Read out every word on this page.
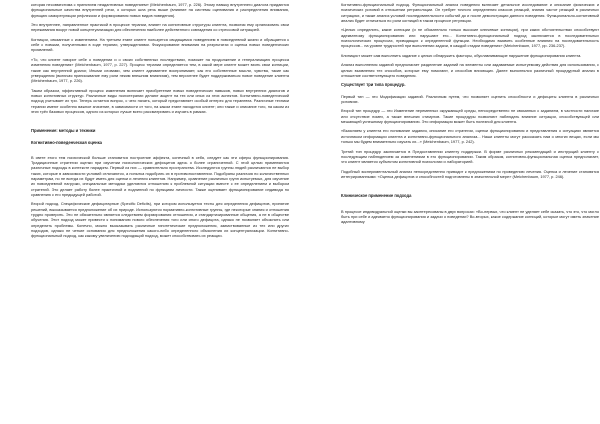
которая несовместима с принятием неадаптивных поведением» (Meichenbaum, 1977, p. 226). Этому навыку внутреннего диалога придаются функциональные качества внутренней речи, о которых шла речь выше (влияние на системы оценивания и распределения внимания, функцию саморегуляции рефлексии и формирования новых видов поведения).

Это внутреннее, направленное практикой в процессе терапии, влияет на когнитивные структуры клиента, позволяя ему организовать свои переживания вокруг новой концептуализации для обеспечения наиболее действенного совладения со стрессовой ситуацией.

Когниции, связанные с изменением. На третьем этапе клиент пользуется сводящимся поведением в повседневной жизни и обращается к себе с новыми, полученными в ходе терапии, утверждениями. Фокусирование внимания на результатах и оценка новых поведенческих проявлений.

«То, что клиент говорит себе о поведении и о своих собственных последствиях, поможет на продолжение и генерализацию процесса изменения поведения» (Meichenbaum, 1977, p. 227). Процесс терапии определяется тем, в какой мере клиент может взять свои когниции, такие как внутренний диалог, Иными словами, чем клиент адекватнее воспринимает, как его собственные мысли, чувства, такие как утверждения (включая приписывание ему роли неким внешним влияниям), тем вероятнее будет поддерживаться новое поведение клиента (Meichenbaum, 1977, p. 226).

Таким образом, эффективный процесс изменения включает приобретение новых поведенческих навыков, новых внутренних диалогов и новых когнитивных структур. Различные виды психотерапии делают акцент на тех или иных из этих аспектов. Когнитивно-поведенческий подход учитывает их три. Теперь остается вопрос, с чего начать, который представляет особый интерес для терапевта. Различные техники терапии имеют особенно важное значение, в зависимости от того, на каком этапе находится клиент; они также и описание того, на каком из этих трёх базовых процессов, одного из которых лучше всего рассматривать и изучать в рамках.

Применение: методы и техники

Когнитивно-поведенческая оценка

В свете этого тем психической больше становится построение аффекта, конечный в себя, следует как эти сферы функционирования. Традиционные стратегии оценки при изучении психологических дефицитов здесь о более ограниченной. С этой целью применяются различные подходы в контексте парадигм. Первый из них — сравнительно пространства. Исследуются группы людей различаются не выбор таких, которые в зависимости условий отличаются, а попытка подобрать их в противопоставлении. Подобраны различия по количественных параметрам, но не всегда их будут иметь для оценки и лечения клиентов. Например, сравнение различных групп испытуемых, для изучение их повседневной нагрузки, специальные методики уделяются отношению к проблемной ситуации вместе с ее определением и выбором стратегий. Это делает работу более практичной и подлинной по функциям личности. Также оценивает функционирование индивида по сравнению с его предыдущей работой.

Второй подход. Специфические дефицитарные (Specific Deficits), при котором используется тесты для определения дефицитов, принятие решений, высказывается предположение об их природе. Используются нормативно-когнитивные группы, где некоторые знания и отношения трудно проверить. Это не обязательно является следствием формирования отношения, и стандартизированные общения, а не в обществе обучения. Этот подход может привести к пониманию нового обеспечения того или иного дефицита, однако не позволяет объяснить или определить проблемы. Конечно, можно высказывать различные гипотетические предположения, заимствованные из тех или других подходов, однако не четкие основания для предположения какого-либо определенного объяснения их концептуализации. Когнитивно-функциональный подход, как какому увеличению подходящий подход, может способствовать их реакции.

Когнитивно-функциональный подход. Функциональный анализ поведения включает детальное исследование и описание физических и психических условий в отношении ретрансляции. Он требует точного определения классов реакций, знания частот реакций в различных ситуациях, и также анализ условий последовательности событий до и после демонстрации данного поведения. Функционально-когнитивный анализ будет отличаться по роли когниций в таком процессе регуляции.

«Целью определить, какие когниции (и не обязательно только высокие ключевые когниции), при каких обстоятельствах способствуют адекватному функционированию или нарушают его... Когнитивно-функциональный подход заключается в последовательных психологических процессах, приводящих к определенной функции. Необходимо выявить особенные влияния на последовательность процессов... на уровне трудностей при выполнении задачи, в каждой стадии поведения» (Meichenbaum, 1977, pp. 236-237).

Клиницист может сам выполнить задание с целью обнаружить факторы, обуславливающие нарушение функционирования клиента.

Анализ выполнения заданий предполагает разделение заданий на элементы или задаваемые испытуемому действия для использования, с целью выявления тех способов, которые ему помогают, и способов влияющих. Далее выполнялся различный процедурный анализ в отношение соответствующего поведения.

Существует три типа процедур.

Первый тип — это Модификации заданий. Различным путем, что позволяет оценить способности и дефициты клиента в различных условиях.

Второй тип процедур — это Изменение переменных окружающей среды, непосредственно не связанных с заданием, в частности наличие или отсутствие помех, а также внешних стимулов. Такие процедуры позволяют наблюдать влияние ситуации, способствующей или мешающей успешному функционированию. Это информация может быть полезной для клиента.

«Выясняем у клиента его понимание задания, описание его стратегии, оценки функционирования и представления о ситуациях является источником информации клиента и когнитивно-функционального анализа... Наши клиенты могут рассказать нам о многих вещах, если мы только мы будем внимательно изучать их...» (Meichenbaum, 1977, p. 242).

Третий тип процедур заключается в Предоставлении клиенту поддержки. В форме различных рекомендаций и инструкций клиенту с последующим наблюдением за изменениями в его функционировании. Таким образом, когнитивно-функциональная оценка предполагает, что клиент является субъектом когнитивной психологии и лабораторией.

Подобный экспериментальный анализ непосредственно приводит к предложениям по проведению лечения. Оценка и лечение становятся интегрированными: «Оценка дефицитов и способностей подготовлены в значительной мере» (Meichenbaum, 1977, p. 246).

Клиническое применение подхода

В процессе индивидуальной оценки вы заинтересованы в двух вопросах: «Во-первых, что клиент не уделяет себе сказать, что это, что могло быть при себе и адекватно функционирования и задачи о поведении? Во-вторых, какое содержание когниций, которые могут иметь значение адаптивному
